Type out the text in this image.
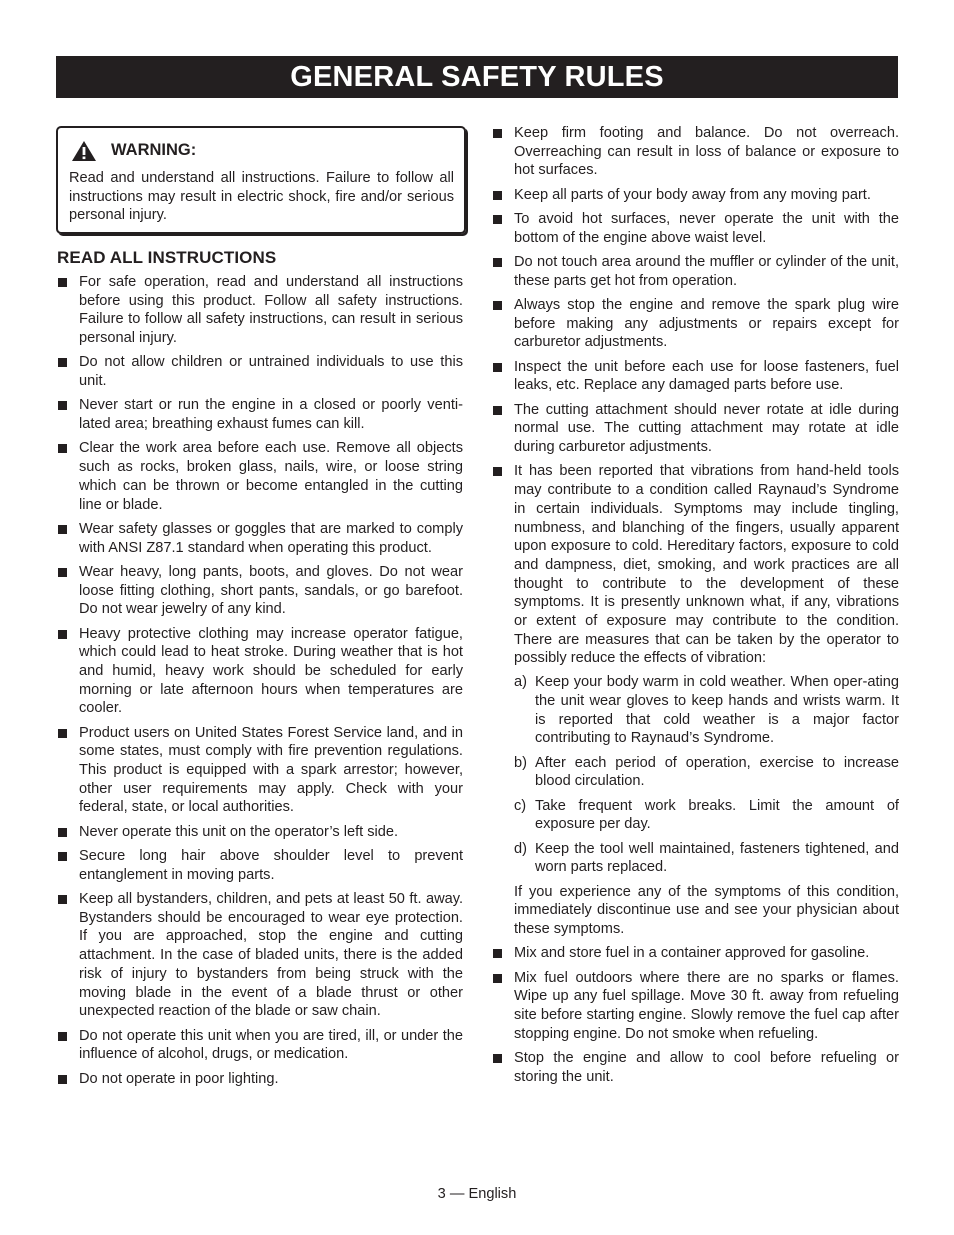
GENERAL SAFETY RULES
WARNING:
Read and understand all instructions. Failure to follow all instructions may result in electric shock, fire and/or serious personal injury.
READ ALL INSTRUCTIONS
For safe operation, read and understand all instructions before using this product. Follow all safety instructions. Failure to follow all safety instructions, can result in serious personal injury.
Do not allow children or untrained individuals to use this unit.
Never start or run the engine in a closed or poorly venti-lated area; breathing exhaust fumes can kill.
Clear the work area before each use. Remove all objects such as rocks, broken glass, nails, wire, or loose string which can be thrown or become entangled in the cutting line or blade.
Wear safety glasses or goggles that are marked to comply with ANSI Z87.1 standard when operating this product.
Wear heavy, long pants, boots, and gloves. Do not wear loose fitting clothing, short pants, sandals, or go barefoot. Do not wear jewelry of any kind.
Heavy protective clothing may increase operator fatigue, which could lead to heat stroke. During weather that is hot and humid, heavy work should be scheduled for early morning or late afternoon hours when temperatures are cooler.
Product users on United States Forest Service land, and in some states, must comply with fire prevention regulations. This product is equipped with a spark arrestor; however, other user requirements may apply. Check with your federal, state, or local authorities.
Never operate this unit on the operator’s left side.
Secure long hair above shoulder level to prevent entanglement in moving parts.
Keep all bystanders, children, and pets at least 50 ft. away. Bystanders should be encouraged to wear eye protection. If you are approached, stop the engine and cutting attachment. In the case of bladed units, there is the added risk of injury to bystanders from being struck with the moving blade in the event of a blade thrust or other unexpected reaction of the blade or saw chain.
Do not operate this unit when you are tired, ill, or under the influence of alcohol, drugs, or medication.
Do not operate in poor lighting.
Keep firm footing and balance. Do not overreach. Overreaching can result in loss of balance or exposure to hot surfaces.
Keep all parts of your body away from any moving part.
To avoid hot surfaces, never operate the unit with the bottom of the engine above waist level.
Do not touch area around the muffler or cylinder of the unit, these parts get hot from operation.
Always stop the engine and remove the spark plug wire before making any adjustments or repairs except for carburetor adjustments.
Inspect the unit before each use for loose fasteners, fuel leaks, etc. Replace any damaged parts before use.
The cutting attachment should never rotate at idle during normal use. The cutting attachment may rotate at idle during carburetor adjustments.
It has been reported that vibrations from hand-held tools may contribute to a condition called Raynaud’s Syndrome in certain individuals. Symptoms may include tingling, numbness, and blanching of the fingers, usually apparent upon exposure to cold. Hereditary factors, exposure to cold and dampness, diet, smoking, and work practices are all thought to contribute to the development of these symptoms. It is presently unknown what, if any, vibrations or extent of exposure may contribute to the condition. There are measures that can be taken by the operator to possibly reduce the effects of vibration:
a) Keep your body warm in cold weather. When oper-ating the unit wear gloves to keep hands and wrists warm. It is reported that cold weather is a major factor contributing to Raynaud’s Syndrome.
b) After each period of operation, exercise to increase blood circulation.
c) Take frequent work breaks. Limit the amount of exposure per day.
d) Keep the tool well maintained, fasteners tightened, and worn parts replaced.
If you experience any of the symptoms of this condition, immediately discontinue use and see your physician about these symptoms.
Mix and store fuel in a container approved for gasoline.
Mix fuel outdoors where there are no sparks or flames. Wipe up any fuel spillage. Move 30 ft. away from refueling site before starting engine. Slowly remove the fuel cap after stopping engine. Do not smoke when refueling.
Stop the engine and allow to cool before refueling or storing the unit.
3 — English
